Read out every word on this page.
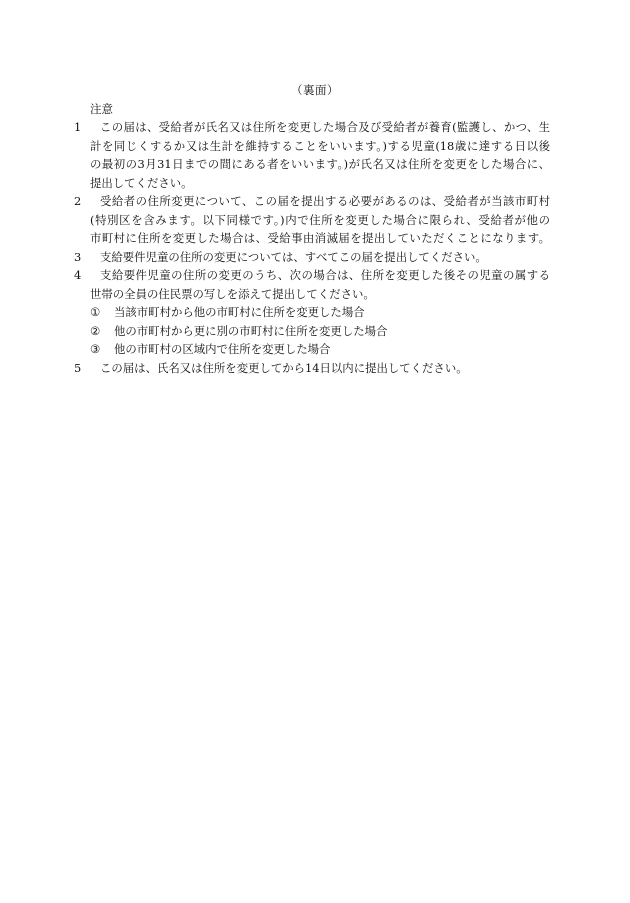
（裏面）
注意
1	この届は、受給者が氏名又は住所を変更した場合及び受給者が養育(監護し、かつ、生
計を同じくするか又は生計を維持することをいいます。)する児童(18歳に達する日以後
の最初の3月31日までの間にある者をいいます。)が氏名又は住所を変更をした場合に、
提出してください。
2	受給者の住所変更について、この届を提出する必要があるのは、受給者が当該市町村
(特別区を含みます。以下同様です。)内で住所を変更した場合に限られ、受給者が他の
市町村に住所を変更した場合は、受給事由消滅届を提出していただくことになります。
3	支給要件児童の住所の変更については、すべてこの届を提出してください。
4	支給要件児童の住所の変更のうち、次の場合は、住所を変更した後その児童の属する
世帯の全員の住民票の写しを添えて提出してください。
①	当該市町村から他の市町村に住所を変更した場合
②	他の市町村から更に別の市町村に住所を変更した場合
③	他の市町村の区域内で住所を変更した場合
5	この届は、氏名又は住所を変更してから14日以内に提出してください。
